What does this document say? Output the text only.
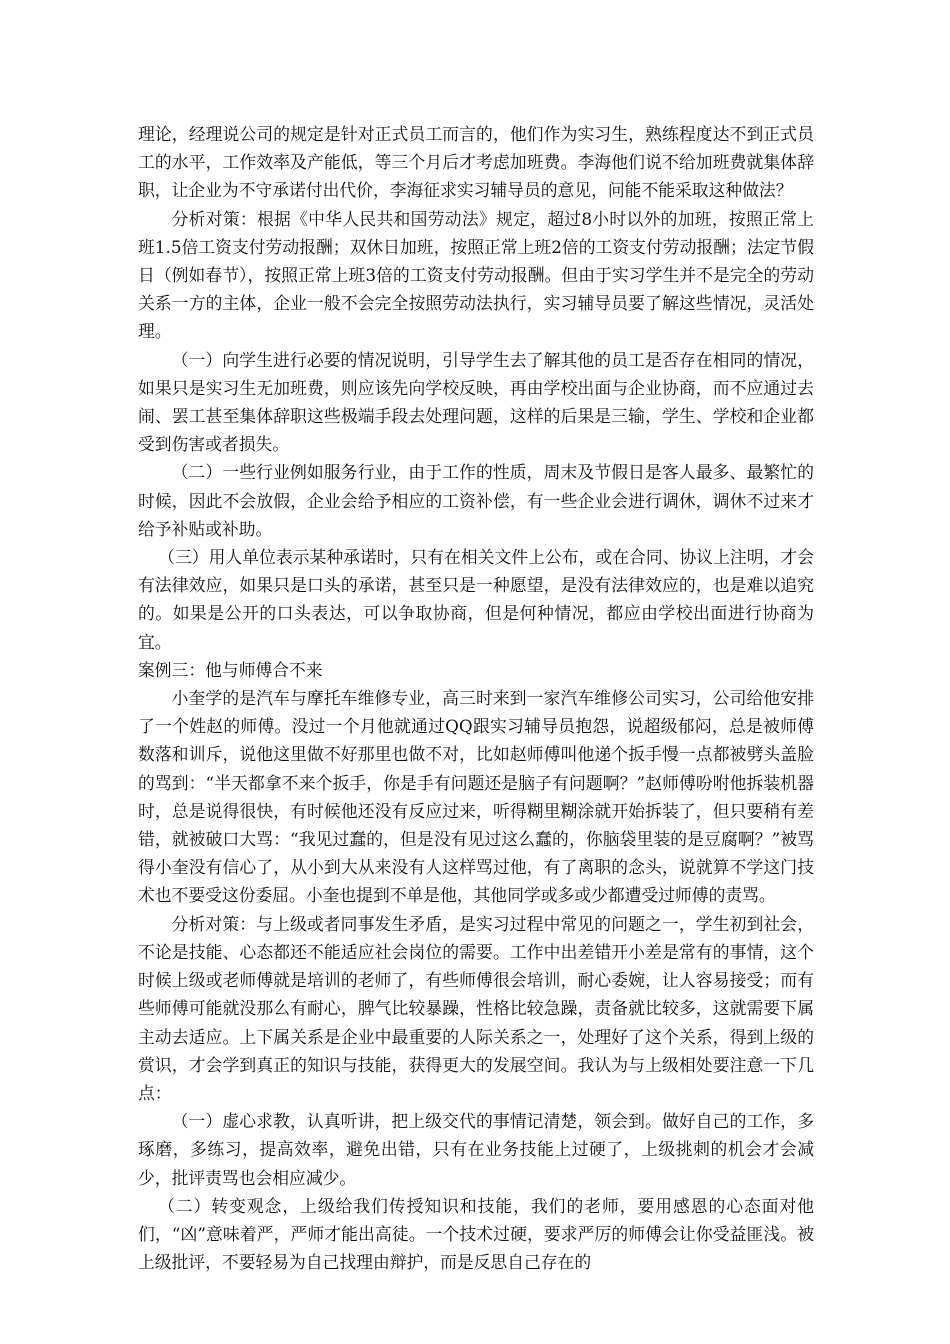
理论，经理说公司的规定是针对正式员工而言的，他们作为实习生，熟练程度达不到正式员工的水平，工作效率及产能低，等三个月后才考虑加班费。李海他们说不给加班费就集体辞职，让企业为不守承诺付出代价，李海征求实习辅导员的意见，问能不能采取这种做法？

分析对策：根据《中华人民共和国劳动法》规定，超过8小时以外的加班，按照正常上班1.5倍工资支付劳动报酬；双休日加班，按照正常上班2倍的工资支付劳动报酬；法定节假日（例如春节），按照正常上班3倍的工资支付劳动报酬。但由于实习学生并不是完全的劳动关系一方的主体，企业一般不会完全按照劳动法执行，实习辅导员要了解这些情况，灵活处理。

（一）向学生进行必要的情况说明，引导学生去了解其他的员工是否存在相同的情况，如果只是实习生无加班费，则应该先向学校反映，再由学校出面与企业协商，而不应通过去闹、罢工甚至集体辞职这些极端手段去处理问题，这样的后果是三输，学生、学校和企业都受到伤害或者损失。

（二）一些行业例如服务行业，由于工作的性质，周末及节假日是客人最多、最繁忙的时候，因此不会放假，企业会给予相应的工资补偿，有一些企业会进行调休，调休不过来才给予补贴或补助。

（三）用人单位表示某种承诺时，只有在相关文件上公布，或在合同、协议上注明，才会有法律效应，如果只是口头的承诺，甚至只是一种愿望，是没有法律效应的，也是难以追究的。如果是公开的口头表达，可以争取协商，但是何种情况，都应由学校出面进行协商为宜。

案例三：他与师傅合不来

小奎学的是汽车与摩托车维修专业，高三时来到一家汽车维修公司实习，公司给他安排了一个姓赵的师傅。没过一个月他就通过QQ跟实习辅导员抱怨，说超级郁闷，总是被师傅数落和训斥，说他这里做不好那里也做不对，比如赵师傅叫他递个扳手慢一点都被劈头盖脸的骂到：“半天都拿不来个扳手，你是手有问题还是脑子有问题啊？”赵师傅吩咐他拆装机器时，总是说得很快，有时候他还没有反应过来，听得糊里糊涂就开始拆装了，但只要稍有差错，就被破口大骂：“我见过蠢的，但是没有见过这么蠢的，你脑袋里装的是豆腐啊？”被骂得小奎没有信心了，从小到大从来没有人这样骂过他，有了离职的念头，说就算不学这门技术也不要受这份委屈。小奎也提到不单是他，其他同学或多或少都遭受过师傅的责骂。

分析对策：与上级或者同事发生矛盾，是实习过程中常见的问题之一，学生初到社会，不论是技能、心态都还不能适应社会岗位的需要。工作中出差错开小差是常有的事情，这个时候上级或老师傅就是培训的老师了，有些师傅很会培训，耐心委婉，让人容易接受；而有些师傅可能就没那么有耐心，脾气比较暴躁，性格比较急躁，责备就比较多，这就需要下属主动去适应。上下属关系是企业中最重要的人际关系之一，处理好了这个关系，得到上级的赏识，才会学到真正的知识与技能，获得更大的发展空间。我认为与上级相处要注意一下几点：

（一）虚心求教，认真听讲，把上级交代的事情记清楚，领会到。做好自己的工作，多琢磨，多练习，提高效率，避免出错，只有在业务技能上过硬了，上级挑刺的机会才会减少，批评责骂也会相应减少。

（二）转变观念，上级给我们传授知识和技能，我们的老师，要用感恩的心态面对他们，“凶”意味着严，严师才能出高徒。一个技术过硬，要求严厉的师傅会让你受益匪浅。被上级批评，不要轻易为自己找理由辩护，而是反思自己存在的
